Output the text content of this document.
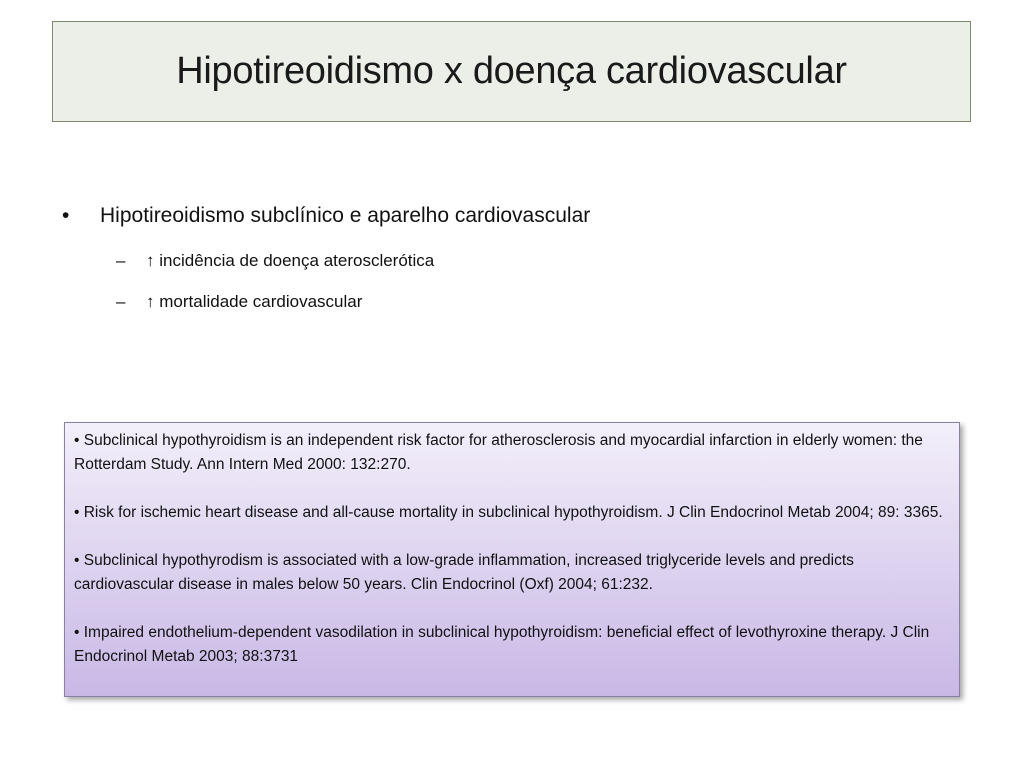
Hipotireoidismo x doença cardiovascular
• Hipotireoidismo subclínico e aparelho cardiovascular
– ↑ incidência de doença aterosclerótica
– ↑ mortalidade cardiovascular

• Subclinical hypothyroidism is an independent risk factor for atherosclerosis and myocardial infarction in elderly women: the Rotterdam Study. Ann Intern Med 2000: 132:270.

• Risk for ischemic heart disease and all-cause mortality in subclinical hypothyroidism. J Clin Endocrinol Metab 2004; 89: 3365.

• Subclinical hypothyrodism is associated with a low-grade inflammation, increased triglyceride levels and predicts cardiovascular disease in males below 50 years. Clin Endocrinol (Oxf) 2004; 61:232.

• Impaired endothelium-dependent vasodilation in subclinical hypothyroidism: beneficial effect of levothyroxine therapy. J Clin Endocrinol Metab 2003; 88:3731
